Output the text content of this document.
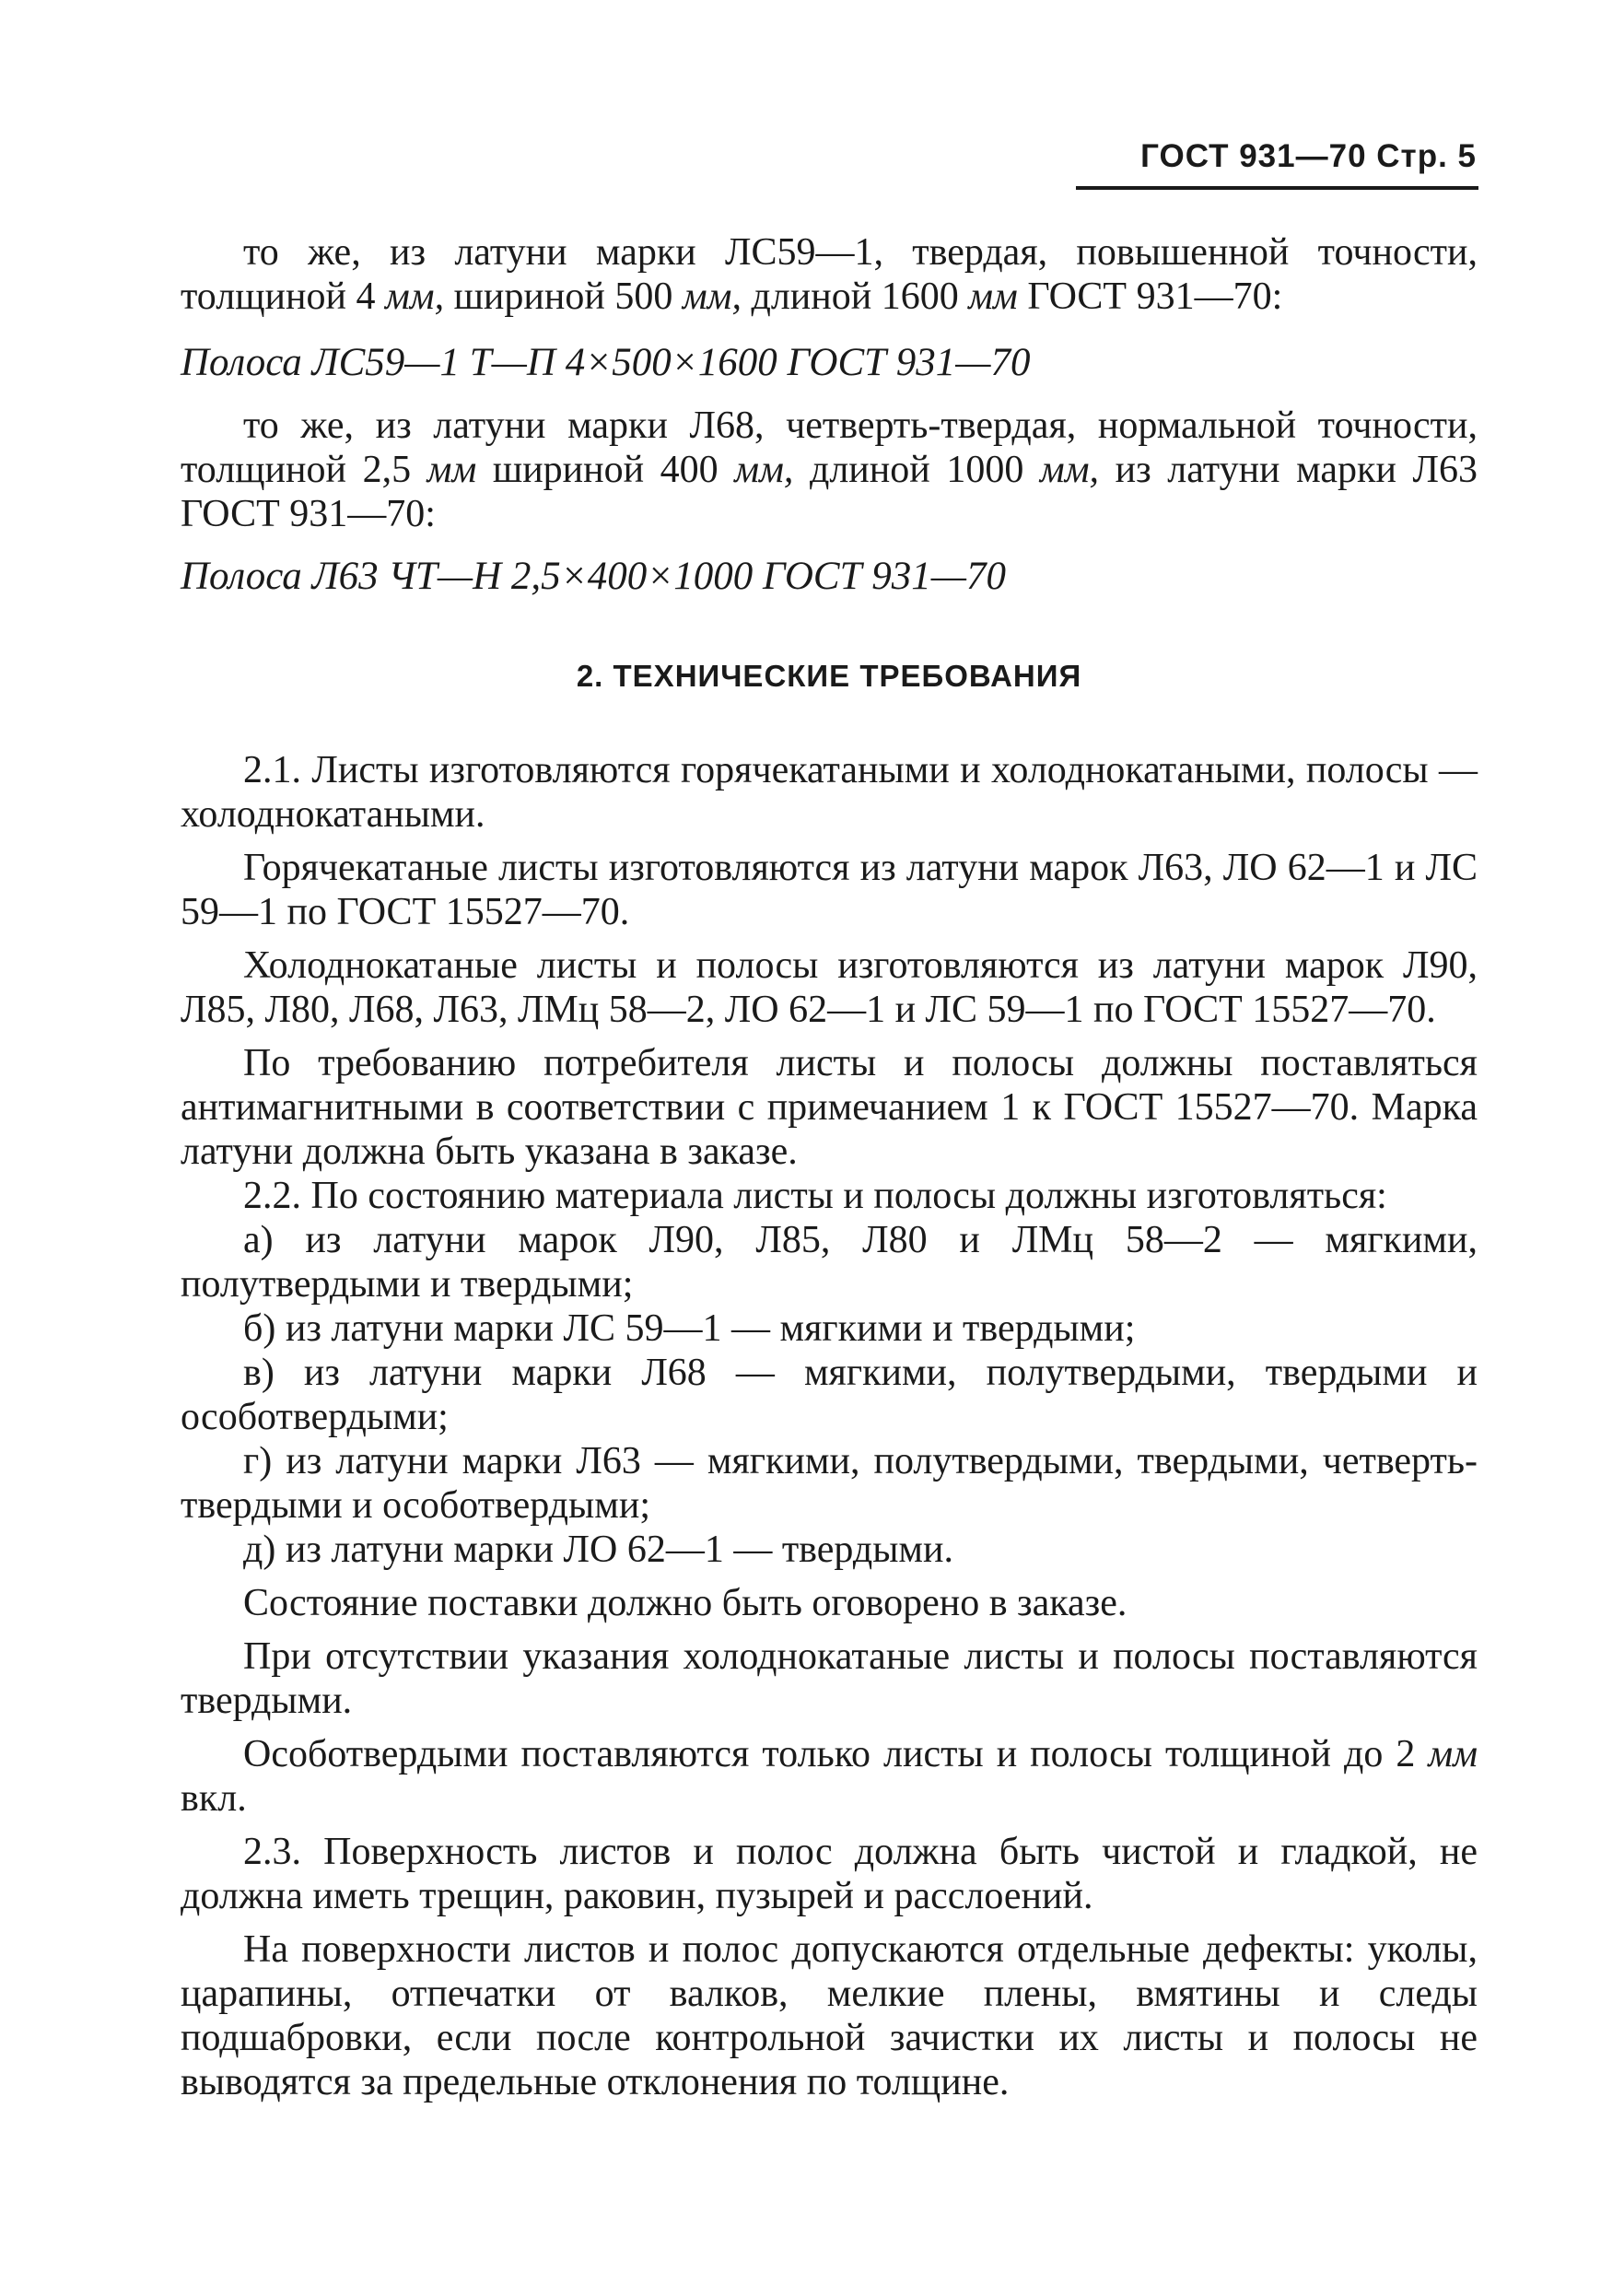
ГОСТ 931—70 Стр. 5

то же, из латуни марки ЛС59—1, твердая, повышенной точности, толщиной 4 мм, шириной 500 мм, длиной 1600 мм ГОСТ 931—70:

Полоса ЛС59—1 Т—П 4×500×1600 ГОСТ 931—70

то же, из латуни марки Л68, четверть-твердая, нормальной точности, толщиной 2,5 мм шириной 400 мм, длиной 1000 мм, из латуни марки Л63 ГОСТ 931—70:

Полоса Л63 ЧТ—Н 2,5×400×1000 ГОСТ 931—70

2. ТЕХНИЧЕСКИЕ ТРЕБОВАНИЯ

2.1. Листы изготовляются горячекатаными и холоднокатаными, полосы — холоднокатаными.

Горячекатаные листы изготовляются из латуни марок Л63, ЛО 62—1 и ЛС 59—1 по ГОСТ 15527—70.

Холоднокатаные листы и полосы изготовляются из латуни марок Л90, Л85, Л80, Л68, Л63, ЛМц 58—2, ЛО 62—1 и ЛС 59—1 по ГОСТ 15527—70.

По требованию потребителя листы и полосы должны поставляться антимагнитными в соответствии с примечанием 1 к ГОСТ 15527—70. Марка латуни должна быть указана в заказе.

2.2. По состоянию материала листы и полосы должны изготовляться:

а) из латуни марок Л90, Л85, Л80 и ЛМц 58—2 — мягкими, полутвердыми и твердыми;

б) из латуни марки ЛС 59—1 — мягкими и твердыми;

в) из латуни марки Л68 — мягкими, полутвердыми, твердыми и особотвердыми;

г) из латуни марки Л63 — мягкими, полутвердыми, твердыми, четверть-твердыми и особотвердыми;

д) из латуни марки ЛО 62—1 — твердыми.

Состояние поставки должно быть оговорено в заказе.

При отсутствии указания холоднокатаные листы и полосы поставляются твердыми.

Особотвердыми поставляются только листы и полосы толщиной до 2 мм вкл.

2.3. Поверхность листов и полос должна быть чистой и гладкой, не должна иметь трещин, раковин, пузырей и расслоений.

На поверхности листов и полос допускаются отдельные дефекты: уколы, царапины, отпечатки от валков, мелкие плены, вмятины и следы подшабровки, если после контрольной зачистки их листы и полосы не выводятся за предельные отклонения по толщине.
